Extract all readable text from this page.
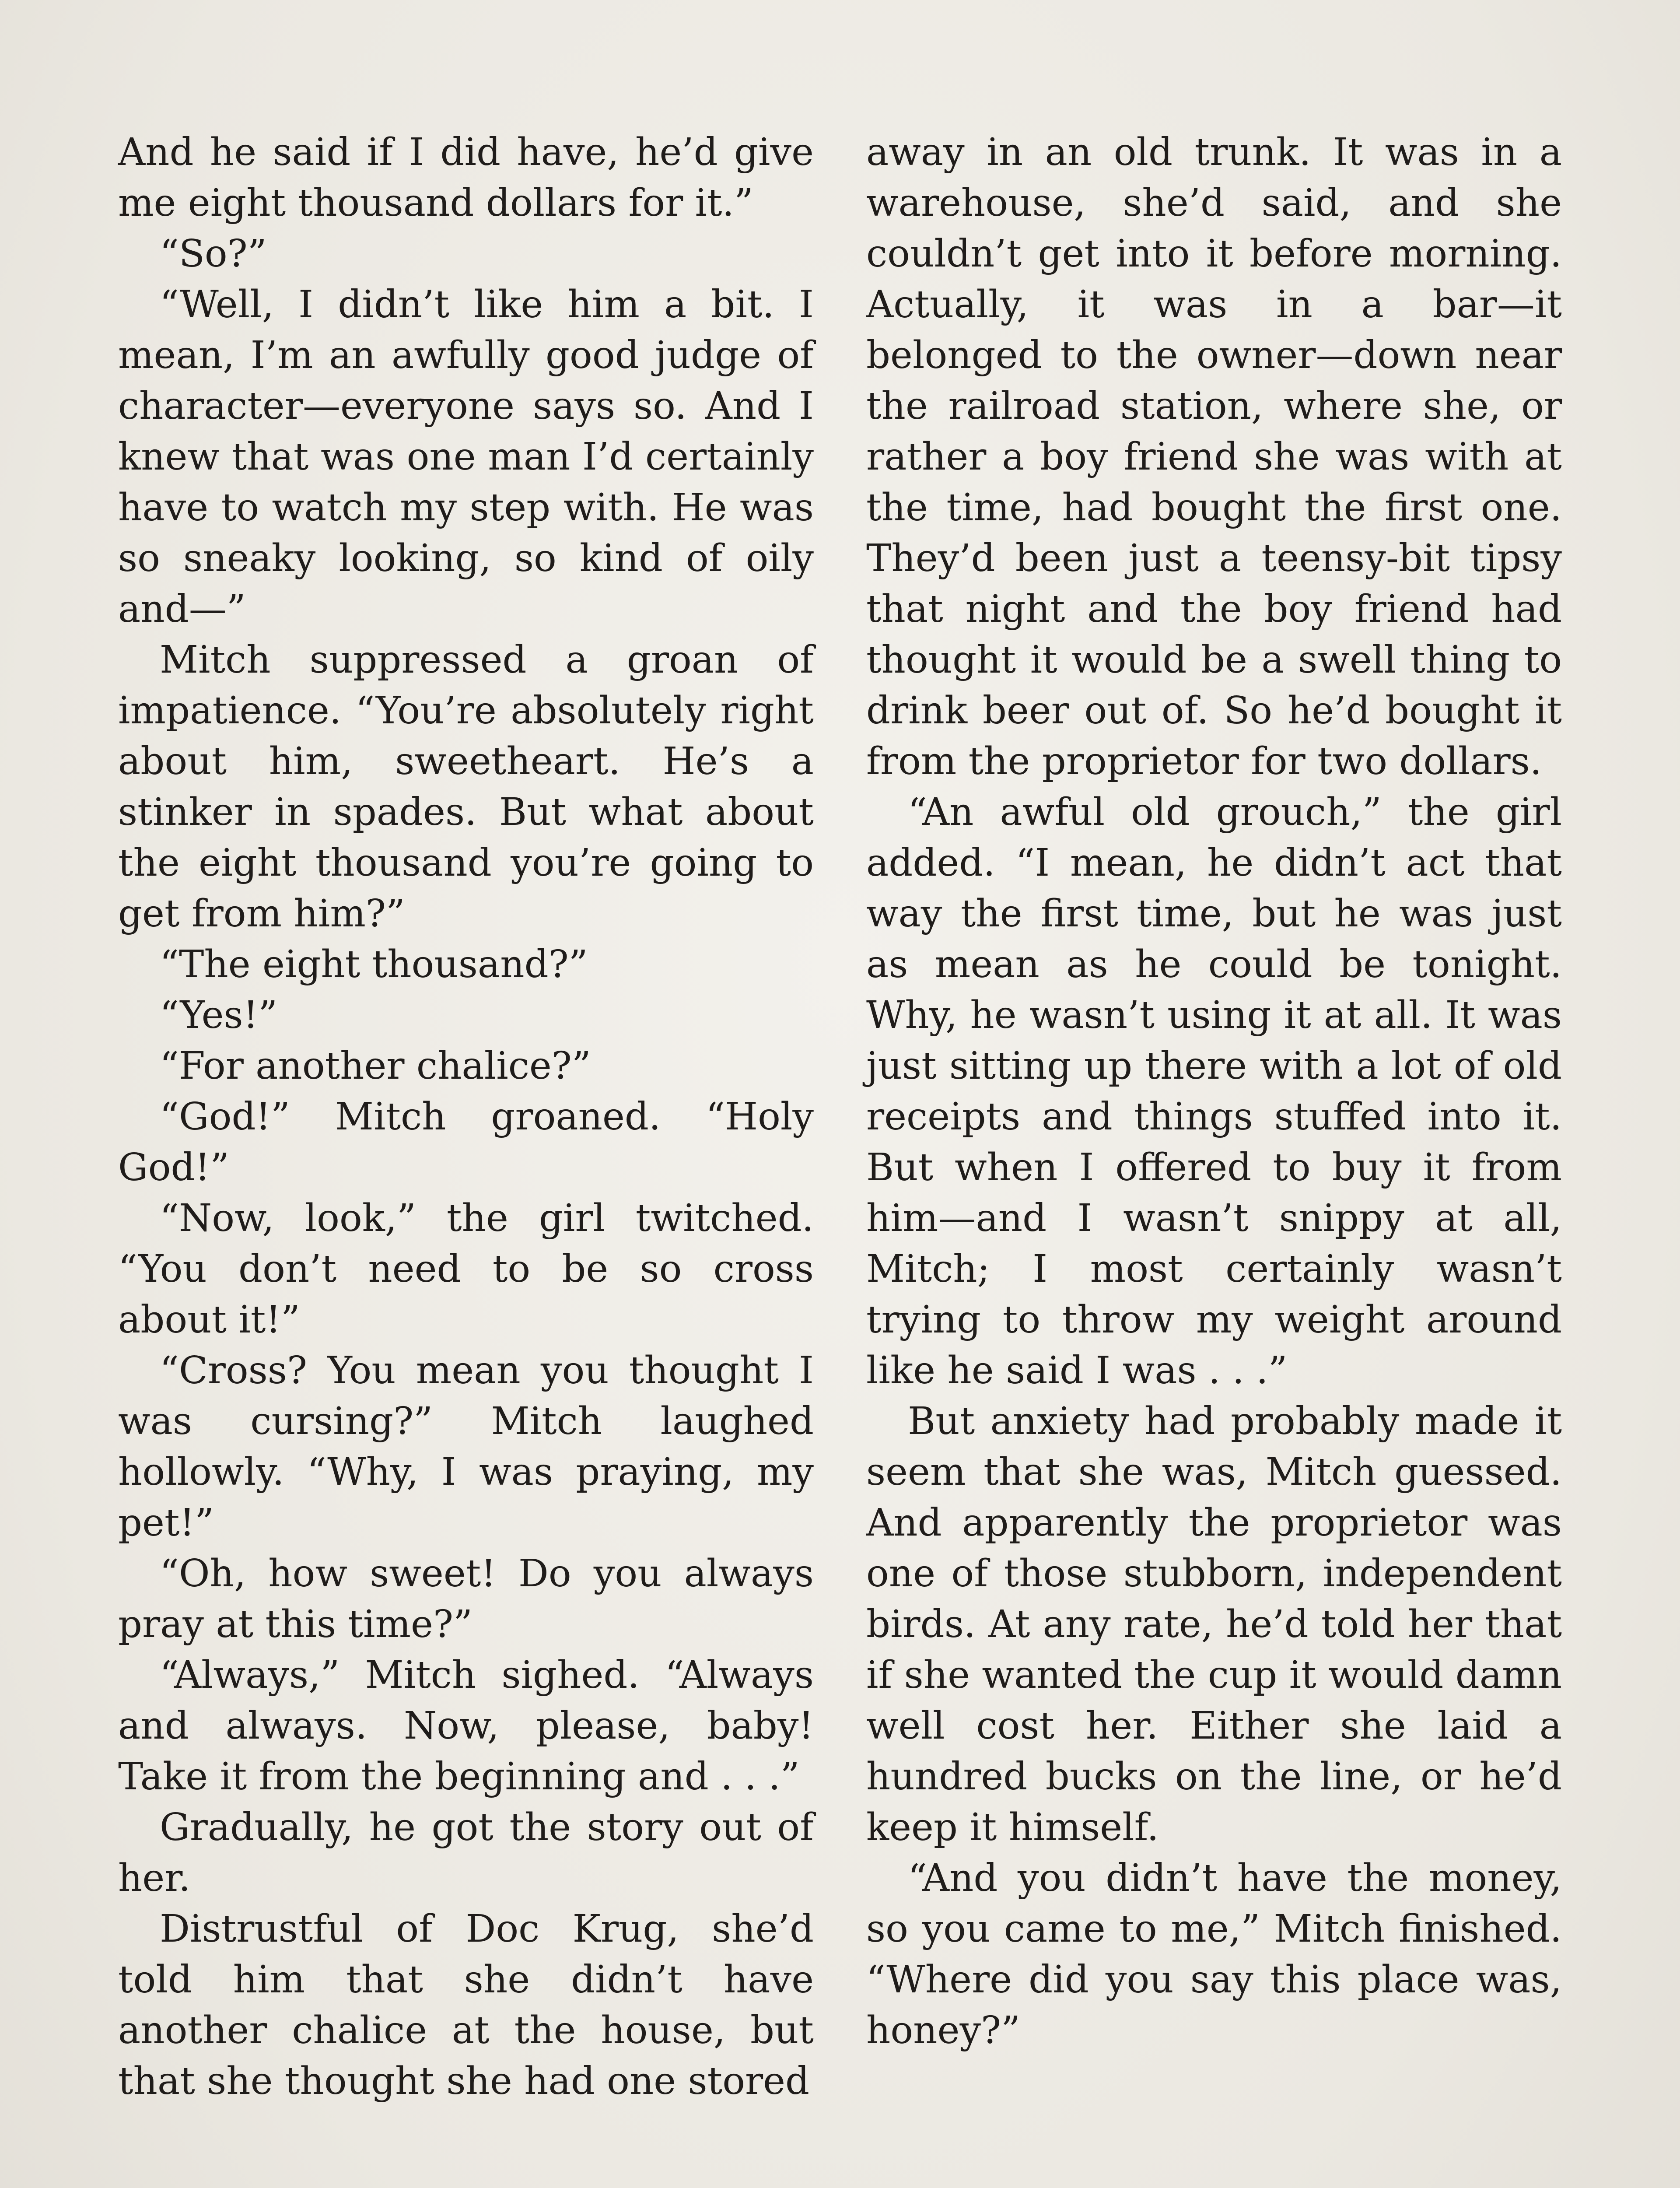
And he said if I did have, he’d give me eight thousand dollars for it.”

“So?”

“Well, I didn’t like him a bit. I mean, I’m an awfully good judge of character—everyone says so. And I knew that was one man I’d certainly have to watch my step with. He was so sneaky looking, so kind of oily and—”

Mitch suppressed a groan of impatience. “You’re absolutely right about him, sweetheart. He’s a stinker in spades. But what about the eight thousand you’re going to get from him?”

“The eight thousand?”

“Yes!”

“For another chalice?”

“God!” Mitch groaned. “Holy God!”

“Now, look,” the girl twitched. “You don’t need to be so cross about it!”

“Cross? You mean you thought I was cursing?” Mitch laughed hollowly. “Why, I was praying, my pet!”

“Oh, how sweet! Do you always pray at this time?”

“Always,” Mitch sighed. “Always and always. Now, please, baby! Take it from the beginning and . . .”

Gradually, he got the story out of her.

Distrustful of Doc Krug, she’d told him that she didn’t have another chalice at the house, but that she thought she had one stored

away in an old trunk. It was in a warehouse, she’d said, and she couldn’t get into it before morning. Actually, it was in a bar—it belonged to the owner—down near the railroad station, where she, or rather a boy friend she was with at the time, had bought the first one. They’d been just a teensy-bit tipsy that night and the boy friend had thought it would be a swell thing to drink beer out of. So he’d bought it from the proprietor for two dollars.

“An awful old grouch,” the girl added. “I mean, he didn’t act that way the first time, but he was just as mean as he could be tonight. Why, he wasn’t using it at all. It was just sitting up there with a lot of old receipts and things stuffed into it. But when I offered to buy it from him—and I wasn’t snippy at all, Mitch; I most certainly wasn’t trying to throw my weight around like he said I was . . .”

But anxiety had probably made it seem that she was, Mitch guessed. And apparently the proprietor was one of those stubborn, independent birds. At any rate, he’d told her that if she wanted the cup it would damn well cost her. Either she laid a hundred bucks on the line, or he’d keep it himself.

“And you didn’t have the money, so you came to me,” Mitch finished. “Where did you say this place was, honey?”
